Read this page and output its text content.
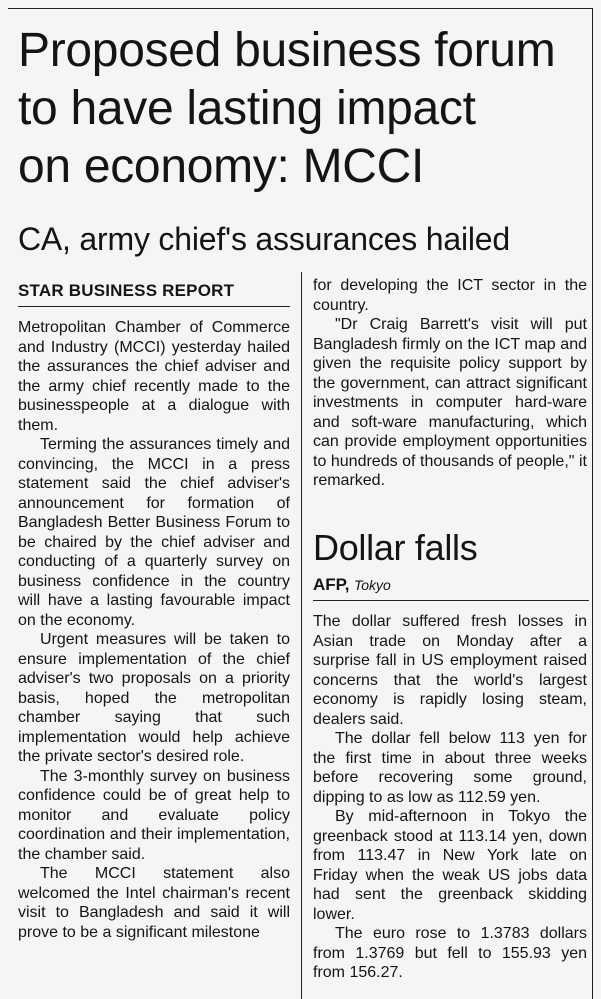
Proposed business forum
to have lasting impact
on economy: MCCI
CA, army chief's assurances hailed
STAR BUSINESS REPORT

Metropolitan Chamber of Commerce and Industry (MCCI) yesterday hailed the assurances the chief adviser and the army chief recently made to the businesspeople at a dialogue with them.

Terming the assurances timely and convincing, the MCCI in a press statement said the chief adviser's announcement for formation of Bangladesh Better Business Forum to be chaired by the chief adviser and conducting of a quarterly survey on business confidence in the country will have a lasting favourable impact on the economy.

Urgent measures will be taken to ensure implementation of the chief adviser's two proposals on a priority basis, hoped the metropolitan chamber saying that such implementation would help achieve the private sector's desired role.

The 3-monthly survey on business confidence could be of great help to monitor and evaluate policy coordination and their implementation, the chamber said.

The MCCI statement also welcomed the Intel chairman's recent visit to Bangladesh and said it will prove to be a significant milestone

for developing the ICT sector in the country.

"Dr Craig Barrett's visit will put Bangladesh firmly on the ICT map and given the requisite policy support by the government, can attract significant investments in computer hard-ware and soft-ware manufacturing, which can provide employment opportunities to hundreds of thousands of people," it remarked.

Dollar falls
AFP, Tokyo

The dollar suffered fresh losses in Asian trade on Monday after a surprise fall in US employment raised concerns that the world's largest economy is rapidly losing steam, dealers said.

The dollar fell below 113 yen for the first time in about three weeks before recovering some ground, dipping to as low as 112.59 yen.

By mid-afternoon in Tokyo the greenback stood at 113.14 yen, down from 113.47 in New York late on Friday when the weak US jobs data had sent the greenback skidding lower.

The euro rose to 1.3783 dollars from 1.3769 but fell to 155.93 yen from 156.27.
